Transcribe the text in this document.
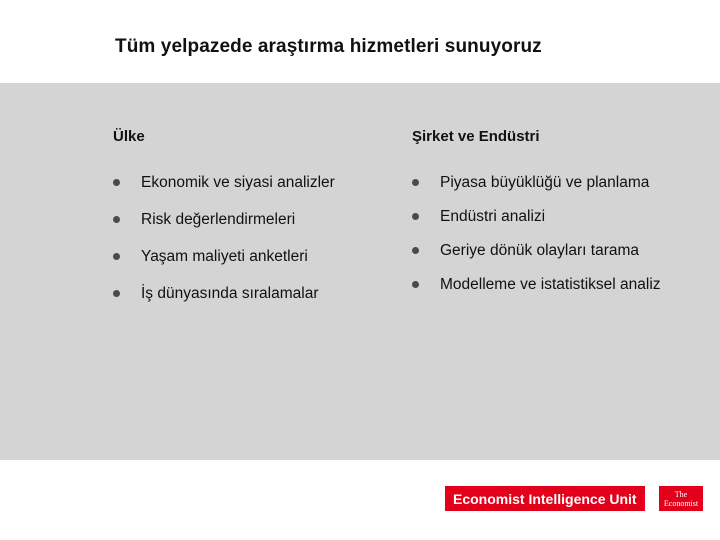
Tüm yelpazede araştırma hizmetleri sunuyoruz
Ülke
Ekonomik ve siyasi analizler
Risk değerlendirmeleri
Yaşam maliyeti anketleri
İş dünyasında sıralamalar
Şirket ve Endüstri
Piyasa büyüklüğü ve planlama
Endüstri analizi
Geriye dönük olayları tarama
Modelleme ve istatistiksel analiz
Economist Intelligence Unit	The
Economist
